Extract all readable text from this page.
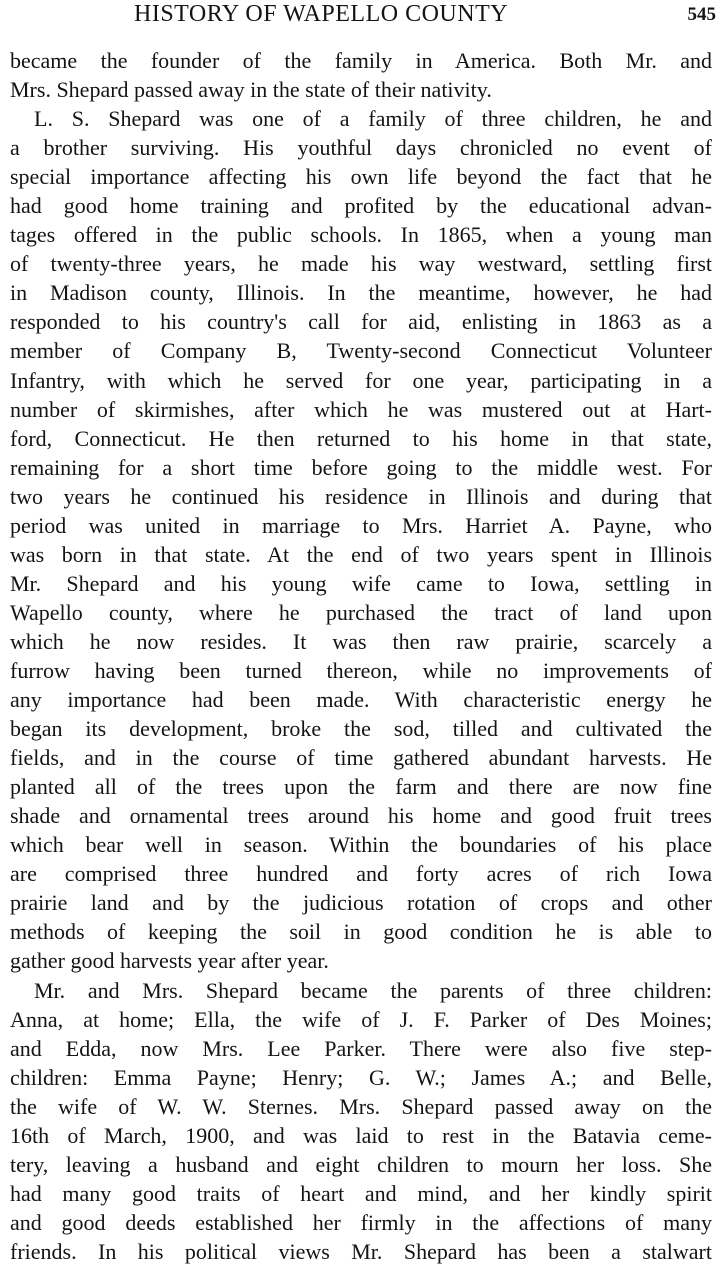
HISTORY OF WAPELLO COUNTY	545
became the founder of the family in America. Both Mr. and
Mrs. Shepard passed away in the state of their nativity.
L. S. Shepard was one of a family of three children, he and
a brother surviving. His youthful days chronicled no event of
special importance affecting his own life beyond the fact that he
had good home training and profited by the educational advan-
tages offered in the public schools. In 1865, when a young man
of twenty-three years, he made his way westward, settling first
in Madison county, Illinois. In the meantime, however, he had
responded to his country's call for aid, enlisting in 1863 as a
member of Company B, Twenty-second Connecticut Volunteer
Infantry, with which he served for one year, participating in a
number of skirmishes, after which he was mustered out at Hart-
ford, Connecticut. He then returned to his home in that state,
remaining for a short time before going to the middle west. For
two years he continued his residence in Illinois and during that
period was united in marriage to Mrs. Harriet A. Payne, who
was born in that state. At the end of two years spent in Illinois
Mr. Shepard and his young wife came to Iowa, settling in
Wapello county, where he purchased the tract of land upon
which he now resides. It was then raw prairie, scarcely a
furrow having been turned thereon, while no improvements of
any importance had been made. With characteristic energy he
began its development, broke the sod, tilled and cultivated the
fields, and in the course of time gathered abundant harvests. He
planted all of the trees upon the farm and there are now fine
shade and ornamental trees around his home and good fruit trees
which bear well in season. Within the boundaries of his place
are comprised three hundred and forty acres of rich Iowa
prairie land and by the judicious rotation of crops and other
methods of keeping the soil in good condition he is able to
gather good harvests year after year.
Mr. and Mrs. Shepard became the parents of three children:
Anna, at home; Ella, the wife of J. F. Parker of Des Moines;
and Edda, now Mrs. Lee Parker. There were also five step-
children: Emma Payne; Henry; G. W.; James A.; and Belle,
the wife of W. W. Sternes. Mrs. Shepard passed away on the
16th of March, 1900, and was laid to rest in the Batavia ceme-
tery, leaving a husband and eight children to mourn her loss. She
had many good traits of heart and mind, and her kindly spirit
and good deeds established her firmly in the affections of many
friends. In his political views Mr. Shepard has been a stalwart
